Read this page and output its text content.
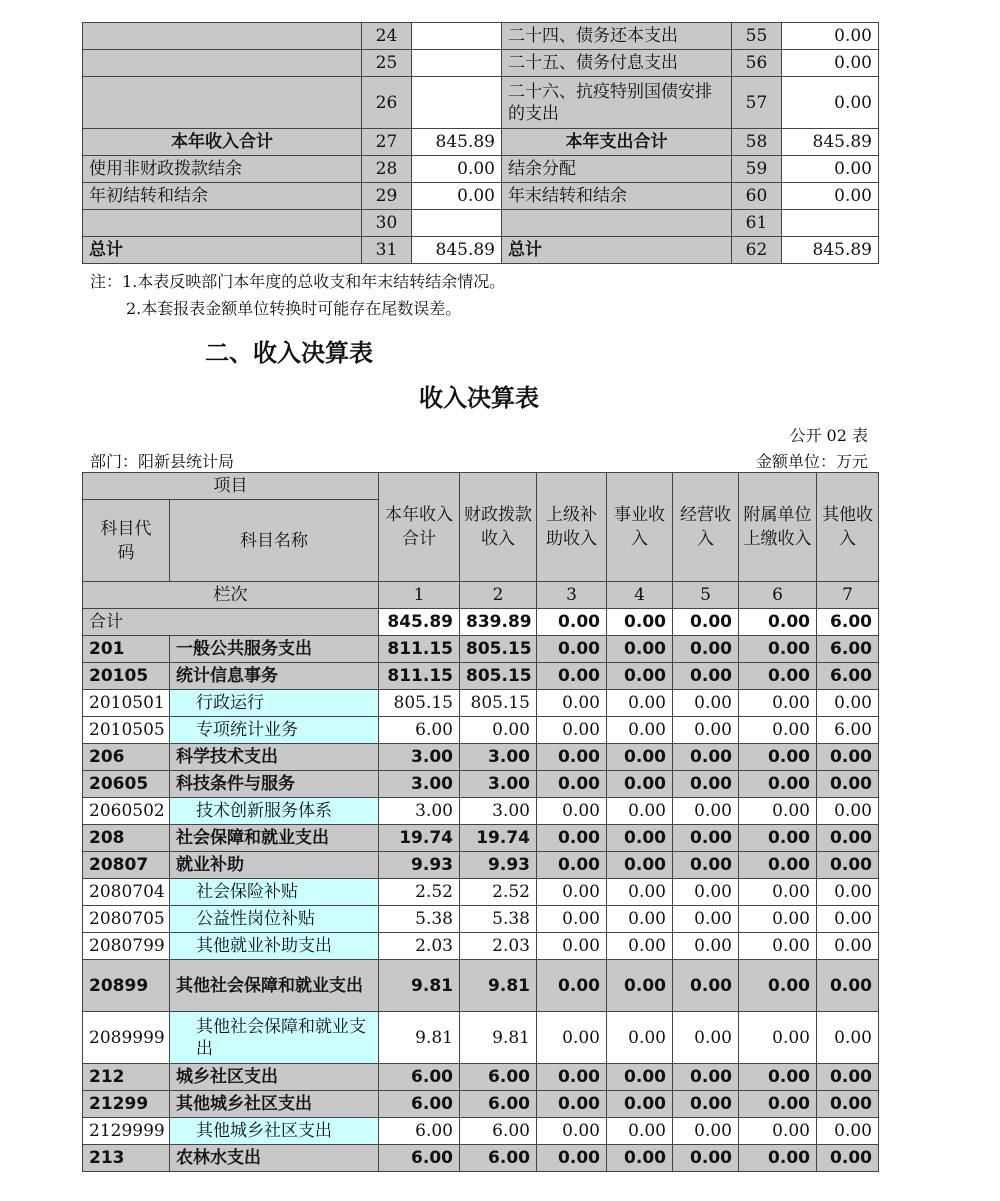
	24		二十四、债务还本支出	55	0.00
	25		二十五、债务付息支出	56	0.00
	26		二十六、抗疫特别国债安排的支出	57	0.00
本年收入合计	27	845.89	本年支出合计	58	845.89
使用非财政拨款结余	28	0.00	结余分配	59	0.00
年初结转和结余	29	0.00	年末结转和结余	60	0.00
	30			61	
总计	31	845.89	总计	62	845.89
注：1.本表反映部门本年度的总收支和年末结转结余情况。
2.本套报表金额单位转换时可能存在尾数误差。
二、收入决算表
收入决算表
公开 02 表
部门：阳新县统计局	金额单位：万元
项目		本年收入合计	财政拨款收入	上级补助收入	事业收入	经营收入	附属单位上缴收入	其他收入
科目代码	科目名称							
栏次		1	2	3	4	5	6	7
合计		845.89	839.89	0.00	0.00	0.00	0.00	6.00
201	一般公共服务支出	811.15	805.15	0.00	0.00	0.00	0.00	6.00
20105	统计信息事务	811.15	805.15	0.00	0.00	0.00	0.00	6.00
2010501	行政运行	805.15	805.15	0.00	0.00	0.00	0.00	0.00
2010505	专项统计业务	6.00	0.00	0.00	0.00	0.00	0.00	6.00
206	科学技术支出	3.00	3.00	0.00	0.00	0.00	0.00	0.00
20605	科技条件与服务	3.00	3.00	0.00	0.00	0.00	0.00	0.00
2060502	技术创新服务体系	3.00	3.00	0.00	0.00	0.00	0.00	0.00
208	社会保障和就业支出	19.74	19.74	0.00	0.00	0.00	0.00	0.00
20807	就业补助	9.93	9.93	0.00	0.00	0.00	0.00	0.00
2080704	社会保险补贴	2.52	2.52	0.00	0.00	0.00	0.00	0.00
2080705	公益性岗位补贴	5.38	5.38	0.00	0.00	0.00	0.00	0.00
2080799	其他就业补助支出	2.03	2.03	0.00	0.00	0.00	0.00	0.00
20899	其他社会保障和就业支出	9.81	9.81	0.00	0.00	0.00	0.00	0.00
2089999	其他社会保障和就业支出	9.81	9.81	0.00	0.00	0.00	0.00	0.00
212	城乡社区支出	6.00	6.00	0.00	0.00	0.00	0.00	0.00
21299	其他城乡社区支出	6.00	6.00	0.00	0.00	0.00	0.00	0.00
2129999	其他城乡社区支出	6.00	6.00	0.00	0.00	0.00	0.00	0.00
213	农林水支出	6.00	6.00	0.00	0.00	0.00	0.00	0.00
